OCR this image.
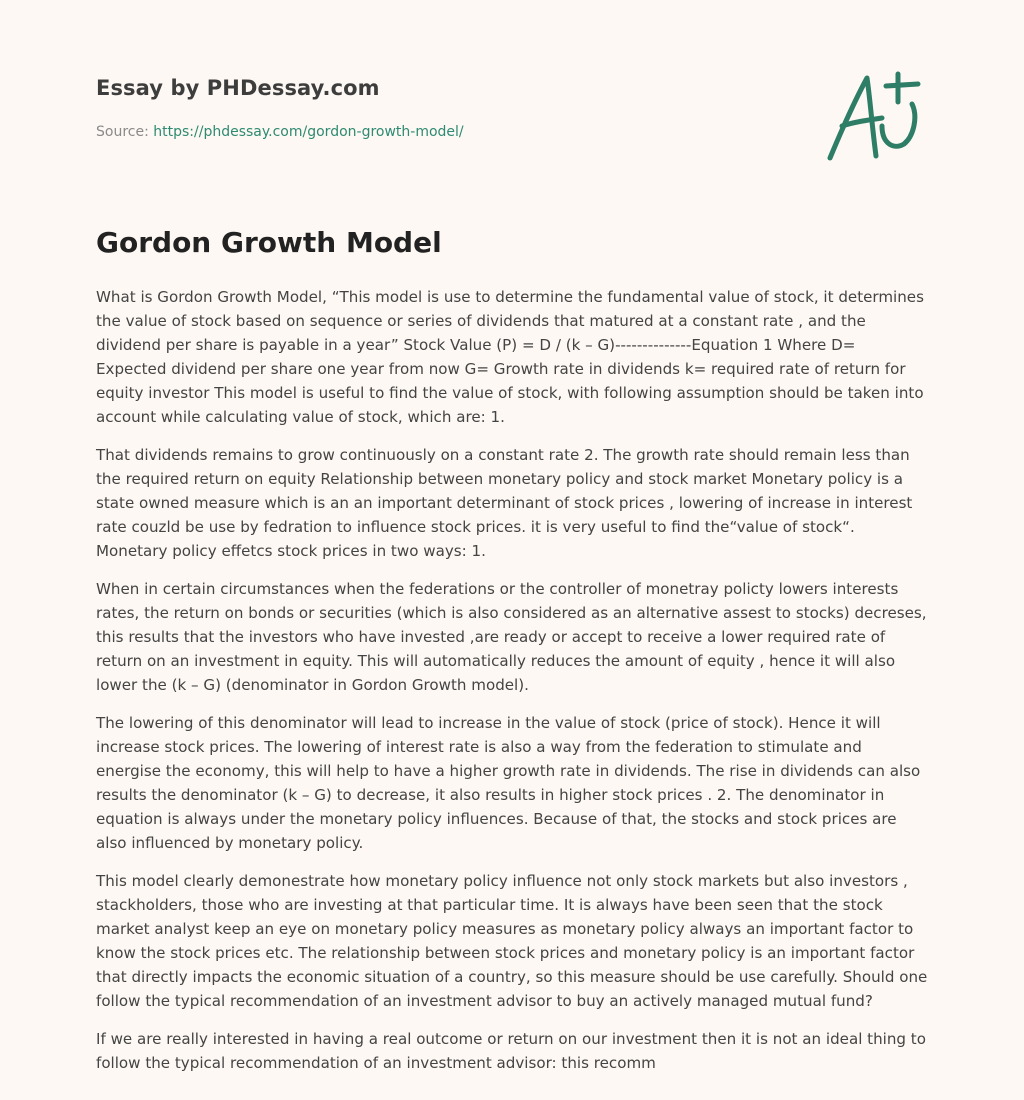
Essay by PHDessay.com
Source: https://phdessay.com/gordon-growth-model/
Gordon Growth Model

What is Gordon Growth Model, “This model is use to determine the fundamental value of stock, it determines the value of stock based on sequence or series of dividends that matured at a constant rate , and the dividend per share is payable in a year” Stock Value (P) = D / (k – G)--------------Equation 1 Where D= Expected dividend per share one year from now G= Growth rate in dividends k= required rate of return for equity investor This model is useful to find the value of stock, with following assumption should be taken into account while calculating value of stock, which are: 1.

That dividends remains to grow continuously on a constant rate 2. The growth rate should remain less than the required return on equity Relationship between monetary policy and stock market Monetary policy is a state owned measure which is an an important determinant of stock prices , lowering of increase in interest rate couzld be use by fedration to influence stock prices. it is very useful to find the“value of stock“. Monetary policy effetcs stock prices in two ways: 1.

When in certain circumstances when the federations or the controller of monetray policty lowers interests rates, the return on bonds or securities (which is also considered as an alternative assest to stocks) decreses, this results that the investors who have invested ,are ready or accept to receive a lower required rate of return on an investment in equity. This will automatically reduces the amount of equity , hence it will also lower the (k – G) (denominator in Gordon Growth model).

The lowering of this denominator will lead to increase in the value of stock (price of stock). Hence it will increase stock prices. The lowering of interest rate is also a way from the federation to stimulate and energise the economy, this will help to have a higher growth rate in dividends. The rise in dividends can also results the denominator (k – G) to decrease, it also results in higher stock prices . 2. The denominator in equation is always under the monetary policy influences. Because of that, the stocks and stock prices are also influenced by monetary policy.

This model clearly demonestrate how monetary policy influence not only stock markets but also investors , stackholders, those who are investing at that particular time. It is always have been seen that the stock market analyst keep an eye on monetary policy measures as monetary policy always an important factor to know the stock prices etc. The relationship between stock prices and monetary policy is an important factor that directly impacts the economic situation of a country, so this measure should be use carefully. Should one follow the typical recommendation of an investment advisor to buy an actively managed mutual fund?

If we are really interested in having a real outcome or return on our investment then it is not an ideal thing to follow the typical recommendation of an investment advisor: this recomm
